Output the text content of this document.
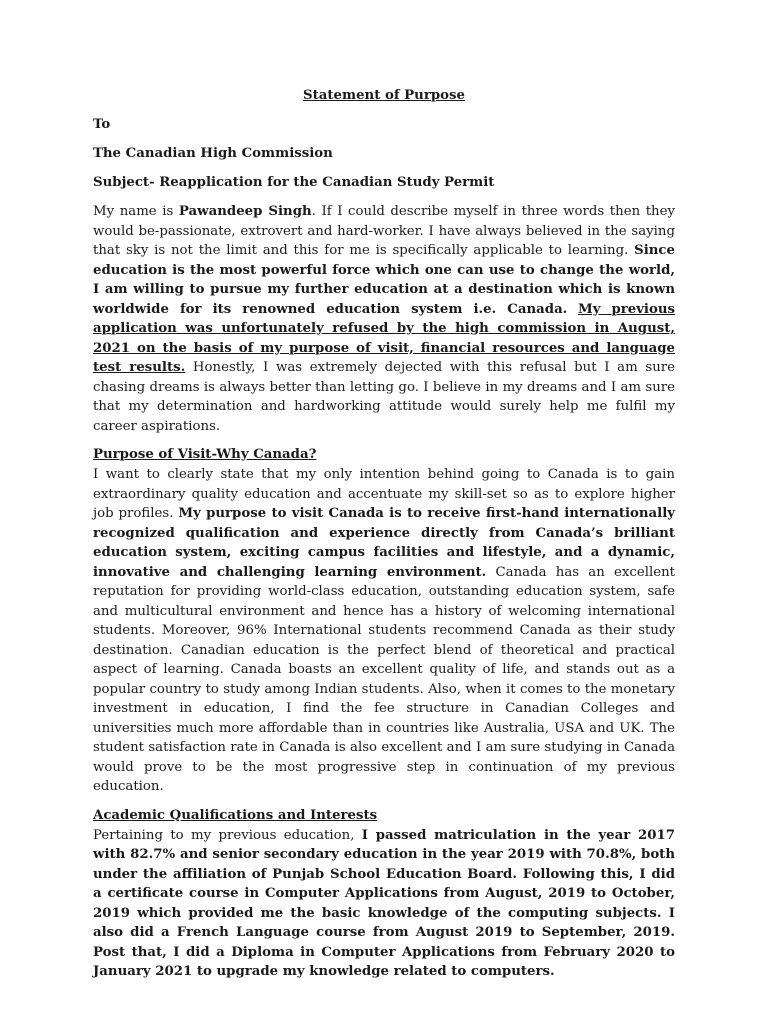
Statement of Purpose
To
The Canadian High Commission
Subject- Reapplication for the Canadian Study Permit

My name is Pawandeep Singh. If I could describe myself in three words then they would be-passionate, extrovert and hard-worker. I have always believed in the saying that sky is not the limit and this for me is specifically applicable to learning. Since education is the most powerful force which one can use to change the world, I am willing to pursue my further education at a destination which is known worldwide for its renowned education system i.e. Canada. My previous application was unfortunately refused by the high commission in August, 2021 on the basis of my purpose of visit, financial resources and language test results. Honestly, I was extremely dejected with this refusal but I am sure chasing dreams is always better than letting go. I believe in my dreams and I am sure that my determination and hardworking attitude would surely help me fulfil my career aspirations.

Purpose of Visit-Why Canada?

I want to clearly state that my only intention behind going to Canada is to gain extraordinary quality education and accentuate my skill-set so as to explore higher job profiles. My purpose to visit Canada is to receive first-hand internationally recognized qualification and experience directly from Canada’s brilliant education system, exciting campus facilities and lifestyle, and a dynamic, innovative and challenging learning environment. Canada has an excellent reputation for providing world-class education, outstanding education system, safe and multicultural environment and hence has a history of welcoming international students. Moreover, 96% International students recommend Canada as their study destination. Canadian education is the perfect blend of theoretical and practical aspect of learning. Canada boasts an excellent quality of life, and stands out as a popular country to study among Indian students. Also, when it comes to the monetary investment in education, I find the fee structure in Canadian Colleges and universities much more affordable than in countries like Australia, USA and UK. The student satisfaction rate in Canada is also excellent and I am sure studying in Canada would prove to be the most progressive step in continuation of my previous education.

Academic Qualifications and Interests

Pertaining to my previous education, I passed matriculation in the year 2017 with 82.7% and senior secondary education in the year 2019 with 70.8%, both under the affiliation of Punjab School Education Board. Following this, I did a certificate course in Computer Applications from August, 2019 to October, 2019 which provided me the basic knowledge of the computing subjects. I also did a French Language course from August 2019 to September, 2019. Post that, I did a Diploma in Computer Applications from February 2020 to January 2021 to upgrade my knowledge related to computers.
